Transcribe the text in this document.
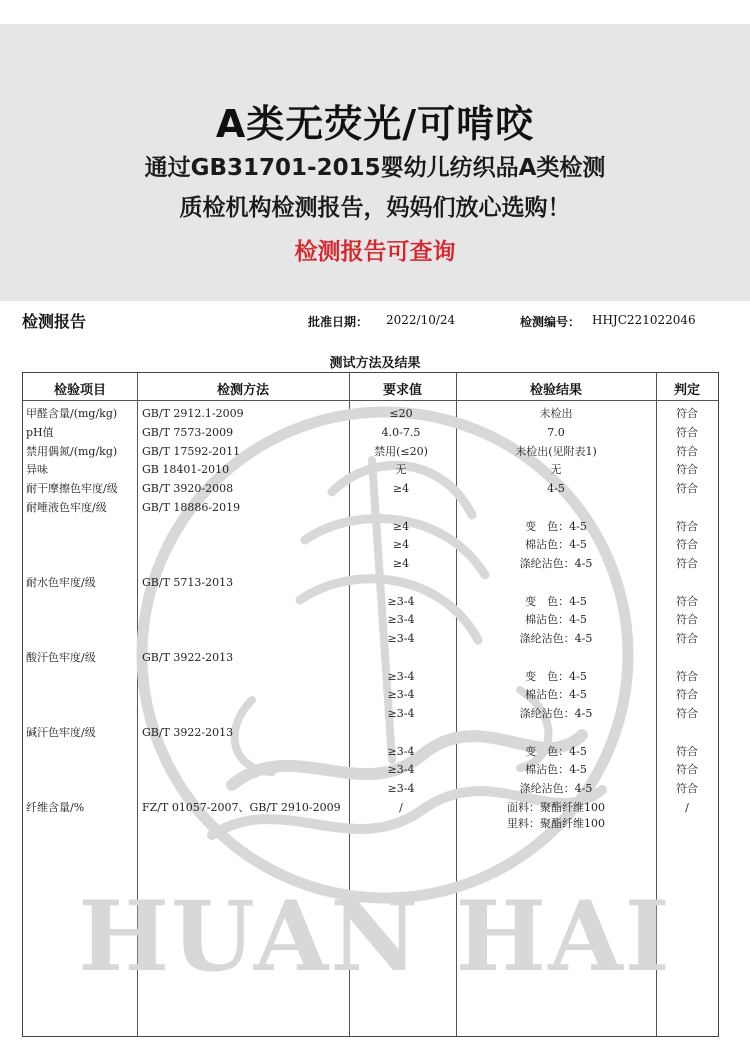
A类无荧光/可啃咬
通过GB31701-2015婴幼儿纺织品A类检测
质检机构检测报告，妈妈们放心选购！
检测报告可查询
检测报告	批准日期： 2022/10/24	检测编号： HHJC221022046
测试方法及结果
检验项目	检测方法	要求值	检验结果	判定
HUAN HAI
甲醛含量/(mg/kg) GB/T 2912.1-2009	≤20	未检出	符合
pH值	GB/T 7573-2009	4.0-7.5	7.0	符合
禁用偶氮/(mg/kg) GB/T 17592-2011	禁用(≤20)	未检出(见附表1)	符合
异味	GB 18401-2010	无	无	符合
耐干摩擦色牢度/级 GB/T 3920-2008	≥4	4-5	符合
耐唾液色牢度/级	GB/T 18886-2019
≥4	变　色：4-5	符合
≥4	棉沾色：4-5	符合
≥4	涤纶沾色：4-5	符合
耐水色牢度/级	GB/T 5713-2013
≥3-4	变　色：4-5	符合
≥3-4	棉沾色：4-5	符合
≥3-4	涤纶沾色：4-5	符合
酸汗色牢度/级	GB/T 3922-2013
≥3-4	变　色：4-5	符合
≥3-4	棉沾色：4-5	符合
≥3-4	涤纶沾色：4-5	符合
碱汗色牢度/级	GB/T 3922-2013
≥3-4	变　色：4-5	符合
≥3-4	棉沾色：4-5	符合
≥3-4	涤纶沾色：4-5	符合
纤维含量/%	FZ/T 01057-2007、GB/T 2910-2009	/	面料：聚酯纤维100	/
里料：聚酯纤维100
